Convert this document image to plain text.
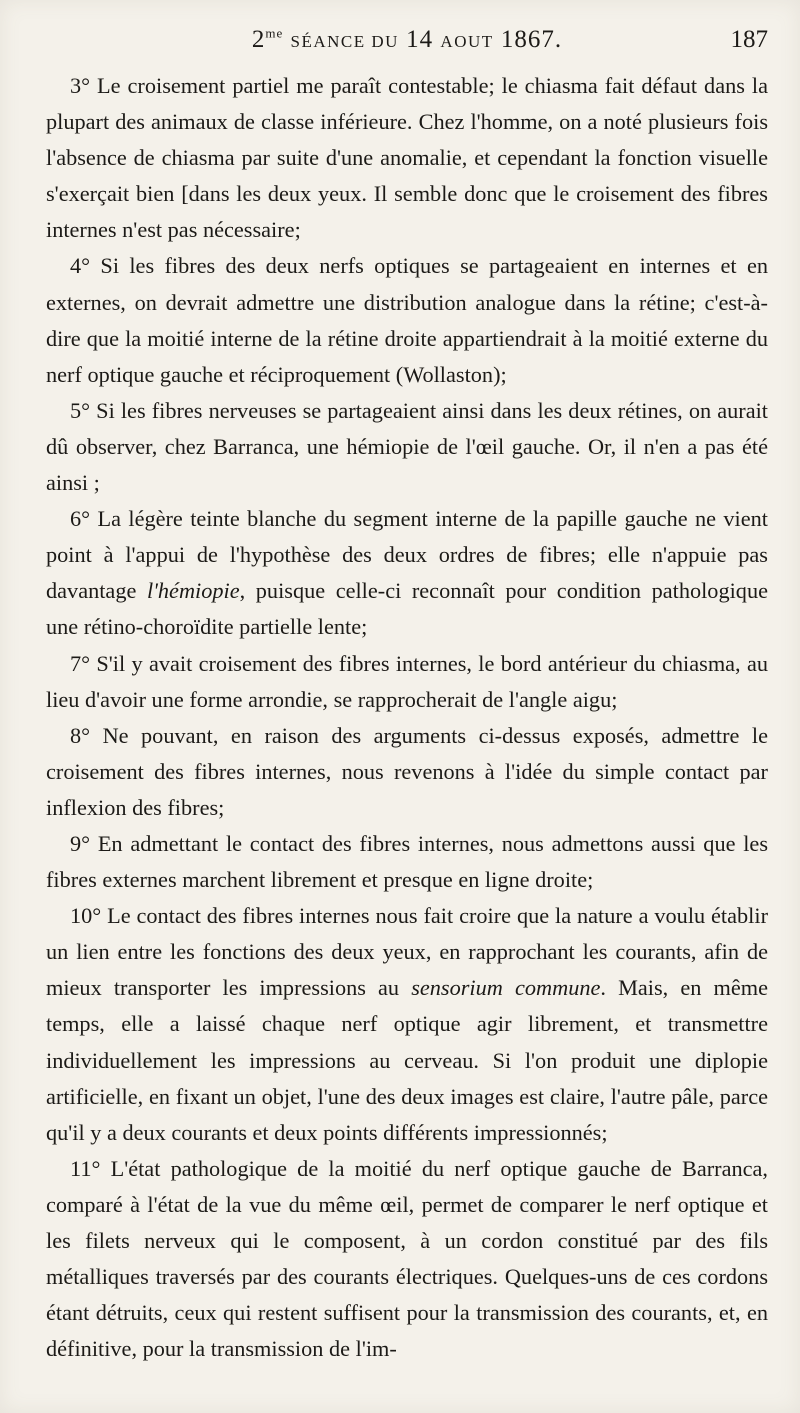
$2^{me}$ SÉANCE DU 14 AOUT 1867.	187

3° Le croisement partiel me paraît contestable; le chiasma fait défaut dans la plupart des animaux de classe inférieure. Chez l'homme, on a noté plusieurs fois l'absence de chiasma par suite d'une anomalie, et cependant la fonction visuelle s'exerçait bien [dans les deux yeux. Il semble donc que le croisement des fibres internes n'est pas nécessaire;

4° Si les fibres des deux nerfs optiques se partageaient en internes et en externes, on devrait admettre une distribution analogue dans la rétine; c'est-à-dire que la moitié interne de la rétine droite appartiendrait à la moitié externe du nerf optique gauche et réciproquement (Wollaston);

5° Si les fibres nerveuses se partageaient ainsi dans les deux rétines, on aurait dû observer, chez Barranca, une hémiopie de l'œil gauche. Or, il n'en a pas été ainsi ;

6° La légère teinte blanche du segment interne de la papille gauche ne vient point à l'appui de l'hypothèse des deux ordres de fibres; elle n'appuie pas davantage l'hémiopie, puisque celle-ci reconnaît pour condition pathologique une rétino-choroïdite partielle lente;

7° S'il y avait croisement des fibres internes, le bord antérieur du chiasma, au lieu d'avoir une forme arrondie, se rapprocherait de l'angle aigu;

8° Ne pouvant, en raison des arguments ci-dessus exposés, admettre le croisement des fibres internes, nous revenons à l'idée du simple contact par inflexion des fibres;

9° En admettant le contact des fibres internes, nous admettons aussi que les fibres externes marchent librement et presque en ligne droite;

10° Le contact des fibres internes nous fait croire que la nature a voulu établir un lien entre les fonctions des deux yeux, en rapprochant les courants, afin de mieux transporter les impressions au sensorium commune. Mais, en même temps, elle a laissé chaque nerf optique agir librement, et transmettre individuellement les impressions au cerveau. Si l'on produit une diplopie artificielle, en fixant un objet, l'une des deux images est claire, l'autre pâle, parce qu'il y a deux courants et deux points différents impressionnés;

11° L'état pathologique de la moitié du nerf optique gauche de Barranca, comparé à l'état de la vue du même œil, permet de comparer le nerf optique et les filets nerveux qui le composent, à un cordon constitué par des fils métalliques traversés par des courants électriques. Quelques-uns de ces cordons étant détruits, ceux qui restent suffisent pour la transmission des courants, et, en définitive, pour la transmission de l'im-
